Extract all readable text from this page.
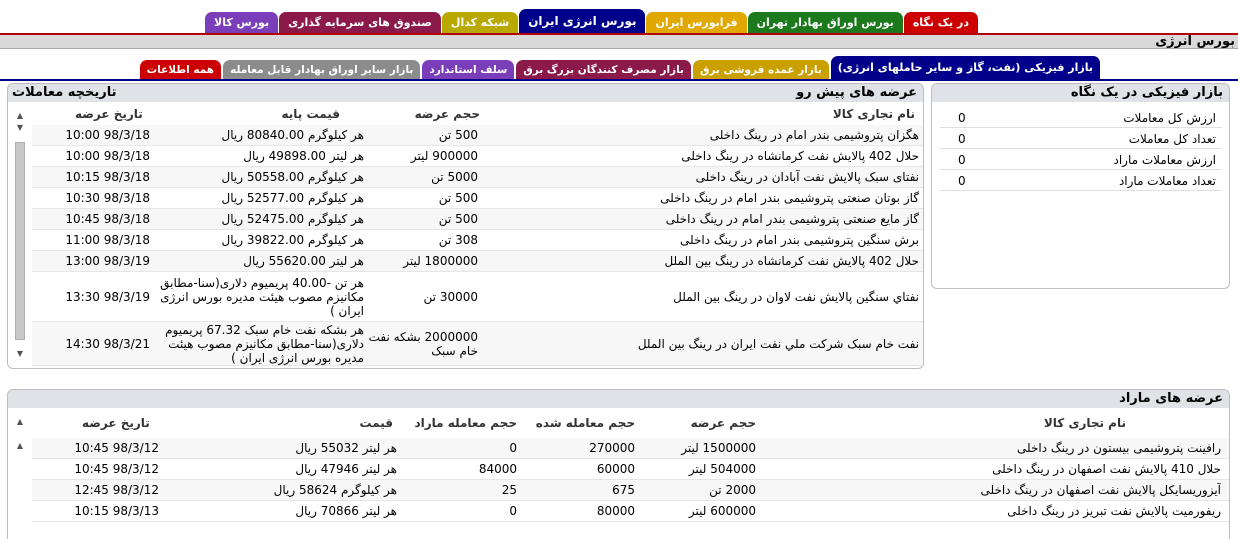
در یک نگاه
بورس اوراق بهادار تهران
فرابورس ایران
بورس انرژی ایران
شبکه کدال
صندوق های سرمایه گذاری
بورس کالا
بورس انرژی
بازار فیزیکی (نفت، گاز و سایر حاملهای انرژی)
بازار عمده فروشی برق
بازار مصرف کنندگان بزرگ برق
سلف استاندارد
بازار سایر اوراق بهادار قابل معامله
همه اطلاعات
بازار فیزیکی در یک نگاه
ارزش کل معاملات
0
تعداد کل معاملات
0
ارزش معاملات ماراد
0
تعداد معاملات ماراد
0
عرضه های پیش رو
تاریخچه معاملات
نام تجاری کالا
حجم عرضه
قیمت پایه
تاریخ عرضه
هگزان پتروشیمی بندر امام در رینگ داخلی
500 تن
هر کیلوگرم 80840.00 ریال
98/3/18 10:00
حلال 402 پالایش نفت کرمانشاه در رینگ داخلی
900000 لیتر
هر لیتر 49898.00 ریال
98/3/18 10:00
نفتای سبک پالایش نفت آبادان در رینگ داخلی
5000 تن
هر کیلوگرم 50558.00 ریال
98/3/18 10:15
گاز بوتان صنعتی پتروشیمی بندر امام در رینگ داخلی
500 تن
هر کیلوگرم 52577.00 ریال
98/3/18 10:30
گاز مایع صنعتی پتروشیمی بندر امام در رینگ داخلی
500 تن
هر کیلوگرم 52475.00 ریال
98/3/18 10:45
برش سنگین پتروشیمی بندر امام در رینگ داخلی
308 تن
هر کیلوگرم 39822.00 ریال
98/3/18 11:00
حلال 402 پالایش نفت کرمانشاه در رینگ بین الملل
1800000 لیتر
هر لیتر 55620.00 ریال
98/3/19 13:00
نفتاي سنگين پالايش نفت لاوان در رينگ بين الملل
30000 تن
هر تن -40.00 پریمیوم دلاری(سنا-مطابق مکانیزم مصوب هیئت مدیره بورس انرژی ایران )
98/3/19 13:30
نفت خام سبک شرکت ملي نفت ايران در رينگ بين الملل
2000000 بشکه نفت خام سبک
هر بشکه نفت خام سبک 67.32 پریمیوم دلاری(سنا-مطابق مکانیزم مصوب هیئت مدیره بورس انرژی ایران )
98/3/21 14:30
▲
▼
▼
عرضه های ماراد
نام تجاری کالا
حجم عرضه
حجم معامله شده
حجم معامله ماراد
قیمت
تاریخ عرضه
رافینت پتروشیمی بیستون در رینگ داخلی
1500000 لیتر
270000
0
هر لیتر 55032 ریال
98/3/12 10:45
حلال 410 پالایش نفت اصفهان در رینگ داخلی
504000 لیتر
60000
84000
هر لیتر 47946 ریال
98/3/12 10:45
آیزوریسایکل پالایش نفت اصفهان در رینگ داخلی
2000 تن
675
25
هر کیلوگرم 58624 ریال
98/3/12 12:45
ریفورمیت پالایش نفت تبریز در رینگ داخلی
600000 لیتر
80000
0
هر لیتر 70866 ریال
98/3/13 10:15
▲
▲
